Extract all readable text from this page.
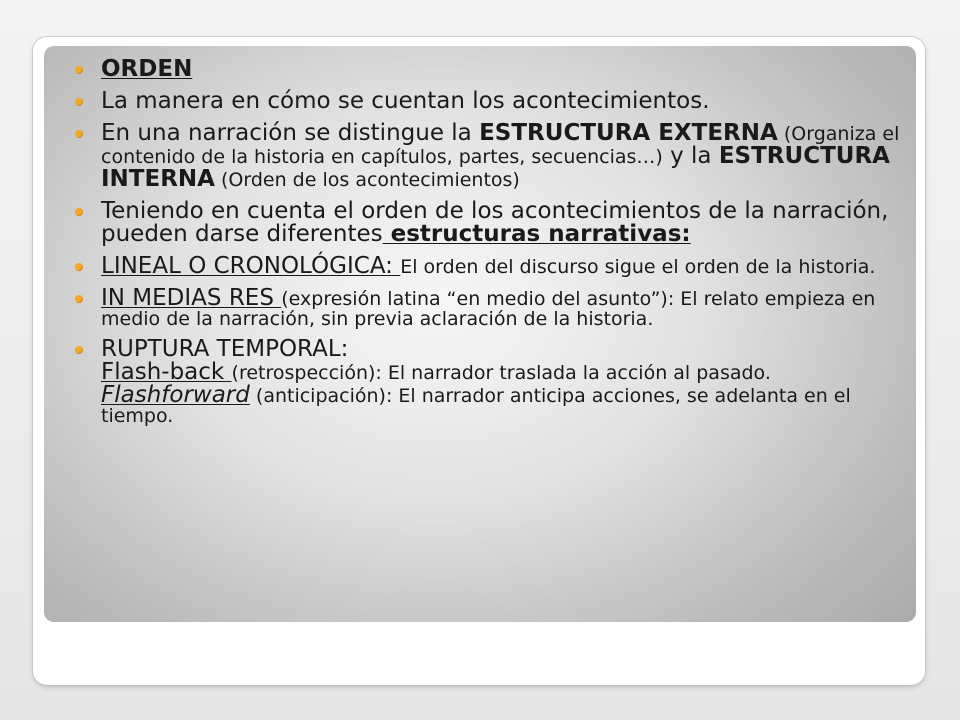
ORDEN
La manera en cómo se cuentan los acontecimientos.
En una narración se distingue la ESTRUCTURA EXTERNA (Organiza el contenido de la historia en capítulos, partes, secuencias…) y la ESTRUCTURA INTERNA (Orden de los acontecimientos)
Teniendo en cuenta el orden de los acontecimientos de la narración, pueden darse diferentes estructuras narrativas:
LINEAL O CRONOLÓGICA: El orden del discurso sigue el orden de la historia.
IN MEDIAS RES (expresión latina “en medio del asunto”): El relato empieza en medio de la narración, sin previa aclaración de la historia.
RUPTURA TEMPORAL:
Flash-back (retrospección): El narrador traslada la acción al pasado.
Flashforward (anticipación): El narrador anticipa acciones, se adelanta en el tiempo.
